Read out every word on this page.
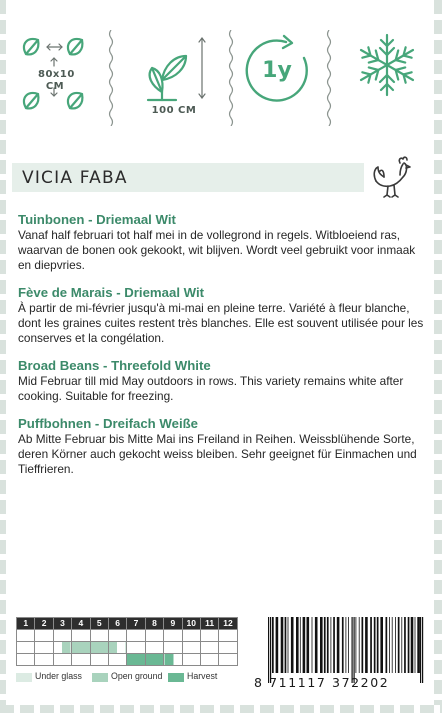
80x10
CM
100 CM
1y
VICIA FABA
Tuinbonen - Driemaal Wit
Vanaf half februari tot half mei in de vollegrond in regels. Witbloeiend ras, waarvan de bonen ook gekookt, wit blijven. Wordt veel gebruikt voor inmaak en diepvries.
Fève de Marais - Driemaal Wit
À partir de mi-février jusqu'à mi-mai en pleine terre. Variété à fleur blanche, dont les graines cuites restent très blanches. Elle est souvent utilisée pour les conserves et la congélation.
Broad Beans - Threefold White
Mid Februar till mid May outdoors in rows. This variety remains white after cooking. Suitable for freezing.
Puffbohnen - Dreifach Weiße
Ab Mitte Februar bis Mitte Mai ins Freiland in Reihen. Weissblühende Sorte, deren Körner auch gekocht weiss bleiben. Sehr geeignet für Einmachen und Tieffrieren.
1	2	3	4	5	6	7	8	9	10	11	12

Under glass	Open ground	Harvest	8 711117 372202
